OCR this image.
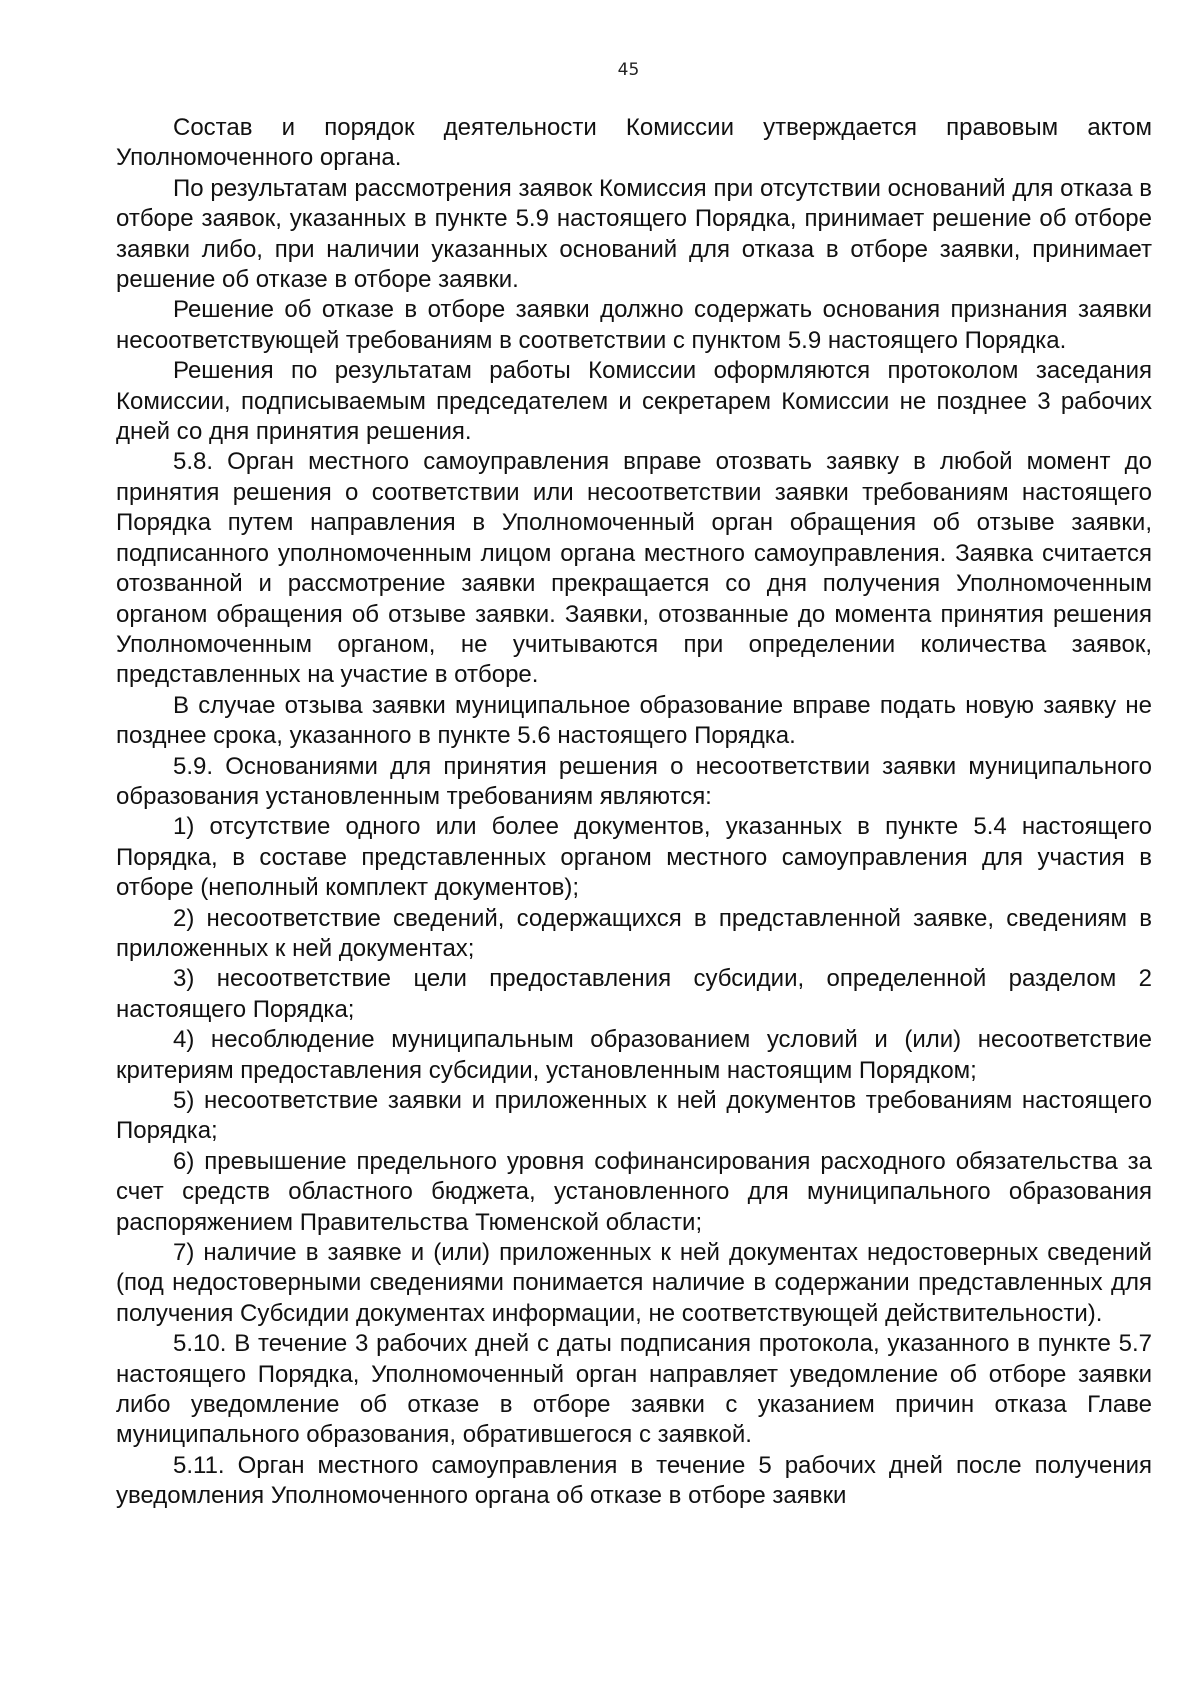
45

Состав и порядок деятельности Комиссии утверждается правовым актом Уполномоченного органа.

По результатам рассмотрения заявок Комиссия при отсутствии оснований для отказа в отборе заявок, указанных в пункте 5.9 настоящего Порядка, принимает решение об отборе заявки либо, при наличии указанных оснований для отказа в отборе заявки, принимает решение об отказе в отборе заявки.

Решение об отказе в отборе заявки должно содержать основания признания заявки несоответствующей требованиям в соответствии с пунктом 5.9 настоящего Порядка.

Решения по результатам работы Комиссии оформляются протоколом заседания Комиссии, подписываемым председателем и секретарем Комиссии не позднее 3 рабочих дней со дня принятия решения.

5.8. Орган местного самоуправления вправе отозвать заявку в любой момент до принятия решения о соответствии или несоответствии заявки требованиям настоящего Порядка путем направления в Уполномоченный орган обращения об отзыве заявки, подписанного уполномоченным лицом органа местного самоуправления. Заявка считается отозванной и рассмотрение заявки прекращается со дня получения Уполномоченным органом обращения об отзыве заявки. Заявки, отозванные до момента принятия решения Уполномоченным органом, не учитываются при определении количества заявок, представленных на участие в отборе.

В случае отзыва заявки муниципальное образование вправе подать новую заявку не позднее срока, указанного в пункте 5.6 настоящего Порядка.

5.9. Основаниями для принятия решения о несоответствии заявки муниципального образования установленным требованиям являются:

1) отсутствие одного или более документов, указанных в пункте 5.4 настоящего Порядка, в составе представленных органом местного самоуправления для участия в отборе (неполный комплект документов);

2) несоответствие сведений, содержащихся в представленной заявке, сведениям в приложенных к ней документах;

3) несоответствие цели предоставления субсидии, определенной разделом 2 настоящего Порядка;

4) несоблюдение муниципальным образованием условий и (или) несоответствие критериям предоставления субсидии, установленным настоящим Порядком;

5) несоответствие заявки и приложенных к ней документов требованиям настоящего Порядка;

6) превышение предельного уровня софинансирования расходного обязательства за счет средств областного бюджета, установленного для муниципального образования распоряжением Правительства Тюменской области;

7) наличие в заявке и (или) приложенных к ней документах недостоверных сведений (под недостоверными сведениями понимается наличие в содержании представленных для получения Субсидии документах информации, не соответствующей действительности).

5.10. В течение 3 рабочих дней с даты подписания протокола, указанного в пункте 5.7 настоящего Порядка, Уполномоченный орган направляет уведомление об отборе заявки либо уведомление об отказе в отборе заявки с указанием причин отказа Главе муниципального образования, обратившегося с заявкой.

5.11. Орган местного самоуправления в течение 5 рабочих дней после получения уведомления Уполномоченного органа об отказе в отборе заявки
